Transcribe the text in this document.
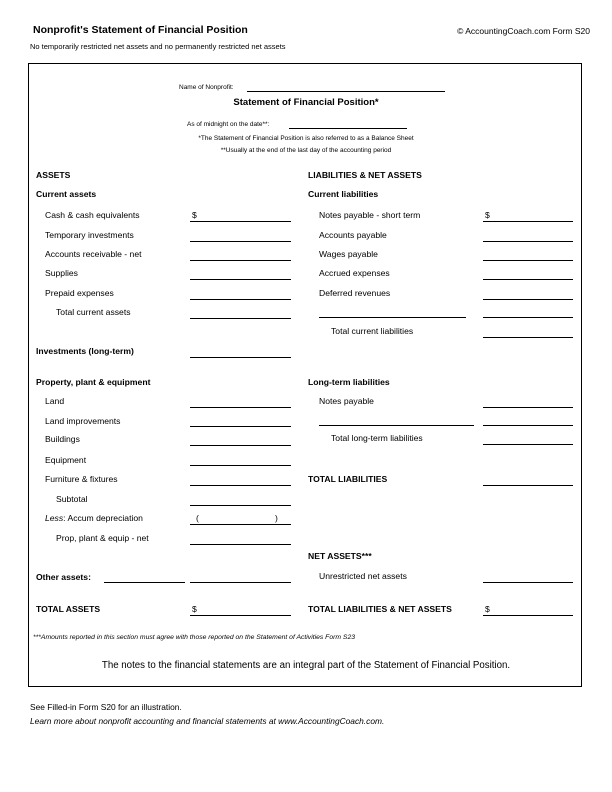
Nonprofit's Statement of Financial Position	© AccountingCoach.com Form S20
No temporarily restricted net assets and no permanently restricted net assets
Name of Nonprofit:
Statement of Financial Position*
As of midnight on the date**:
*The Statement of Financial Position is also referred to as a Balance Sheet
**Usually at the end of the last day of the accounting period
ASSETS
Current assets
Cash & cash equivalents	$
Temporary investments
Accounts receivable - net
Supplies
Prepaid expenses
Total current assets
Investments (long-term)
Property, plant & equipment
Land
Land improvements
Buildings
Equipment
Furniture & fixtures
Subtotal
Less: Accum depreciation	(	)
Prop, plant & equip - net
Other assets:
TOTAL ASSETS	$
LIABILITIES & NET ASSETS
Current liabilities
Notes payable - short term	$
Accounts payable
Wages payable
Accrued expenses
Deferred revenues
Total current liabilities
Long-term liabilities
Notes payable
Total long-term liabilities
TOTAL LIABILITIES
NET ASSETS***
Unrestricted net assets
TOTAL LIABILITIES & NET ASSETS	$
***Amounts reported in this section must agree with those reported on the Statement of Activities Form S23
The notes to the financial statements are an integral part of the Statement of Financial Position.
See Filled-in Form S20 for an illustration.
Learn more about nonprofit accounting and financial statements at www.AccountingCoach.com.
